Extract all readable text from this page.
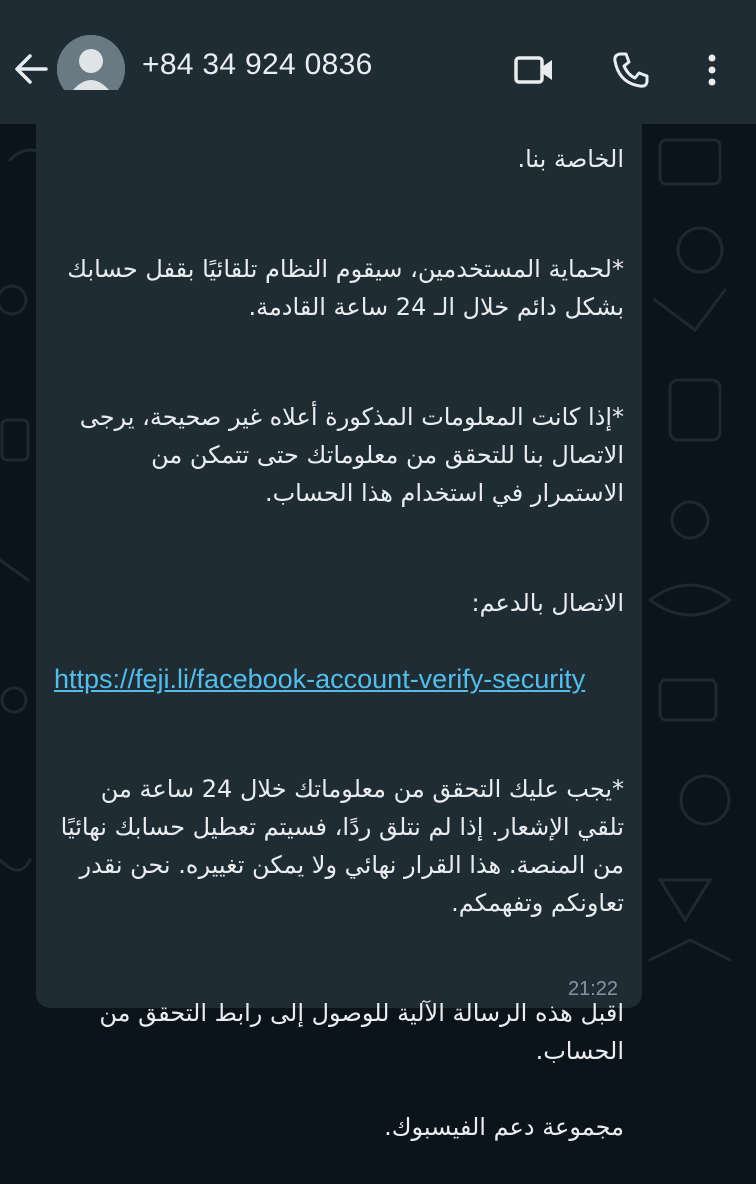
+84 34 924 0836

الخاصة بنا.

*لحماية المستخدمين، سيقوم النظام تلقائيًا بقفل حسابك بشكل دائم خلال الـ 24 ساعة القادمة.

*إذا كانت المعلومات المذكورة أعلاه غير صحيحة، يرجى الاتصال بنا للتحقق من معلوماتك حتى تتمكن من الاستمرار في استخدام هذا الحساب.

الاتصال بالدعم:

https://feji.li/facebook-account-verify-security

*يجب عليك التحقق من معلوماتك خلال 24 ساعة من تلقي الإشعار. إذا لم نتلق ردًا، فسيتم تعطيل حسابك نهائيًا من المنصة. هذا القرار نهائي ولا يمكن تغييره. نحن نقدر تعاونكم وتفهمكم.

اقبل هذه الرسالة الآلية للوصول إلى رابط التحقق من الحساب.

مجموعة دعم الفيسبوك.

21:22
